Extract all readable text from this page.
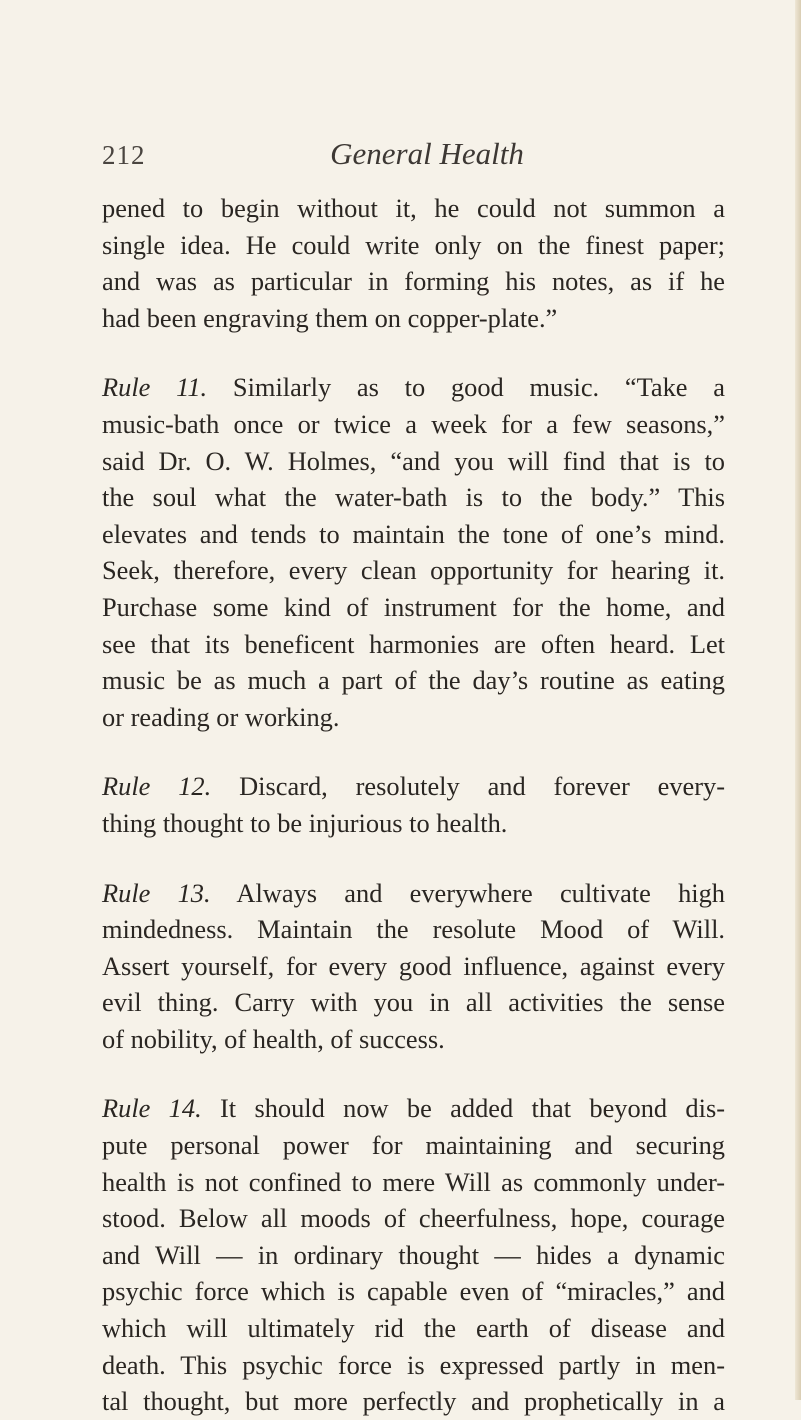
212	General Health

pened to begin without it, he could not summon a
single idea. He could write only on the finest paper;
and was as particular in forming his notes, as if he
had been engraving them on copper-plate.”

Rule 11. Similarly as to good music. “Take a
music-bath once or twice a week for a few seasons,”
said Dr. O. W. Holmes, “and you will find that is to
the soul what the water-bath is to the body.” This
elevates and tends to maintain the tone of one’s mind.
Seek, therefore, every clean opportunity for hearing it.
Purchase some kind of instrument for the home, and
see that its beneficent harmonies are often heard. Let
music be as much a part of the day’s routine as eating
or reading or working.

Rule 12. Discard, resolutely and forever every-
thing thought to be injurious to health.

Rule 13. Always and everywhere cultivate high
mindedness. Maintain the resolute Mood of Will.
Assert yourself, for every good influence, against every
evil thing. Carry with you in all activities the sense
of nobility, of health, of success.

Rule 14. It should now be added that beyond dis-
pute personal power for maintaining and securing
health is not confined to mere Will as commonly under-
stood. Below all moods of cheerfulness, hope, courage
and Will — in ordinary thought — hides a dynamic
psychic force which is capable even of “miracles,” and
which will ultimately rid the earth of disease and
death. This psychic force is expressed partly in men-
tal thought, but more perfectly and prophetically in a
